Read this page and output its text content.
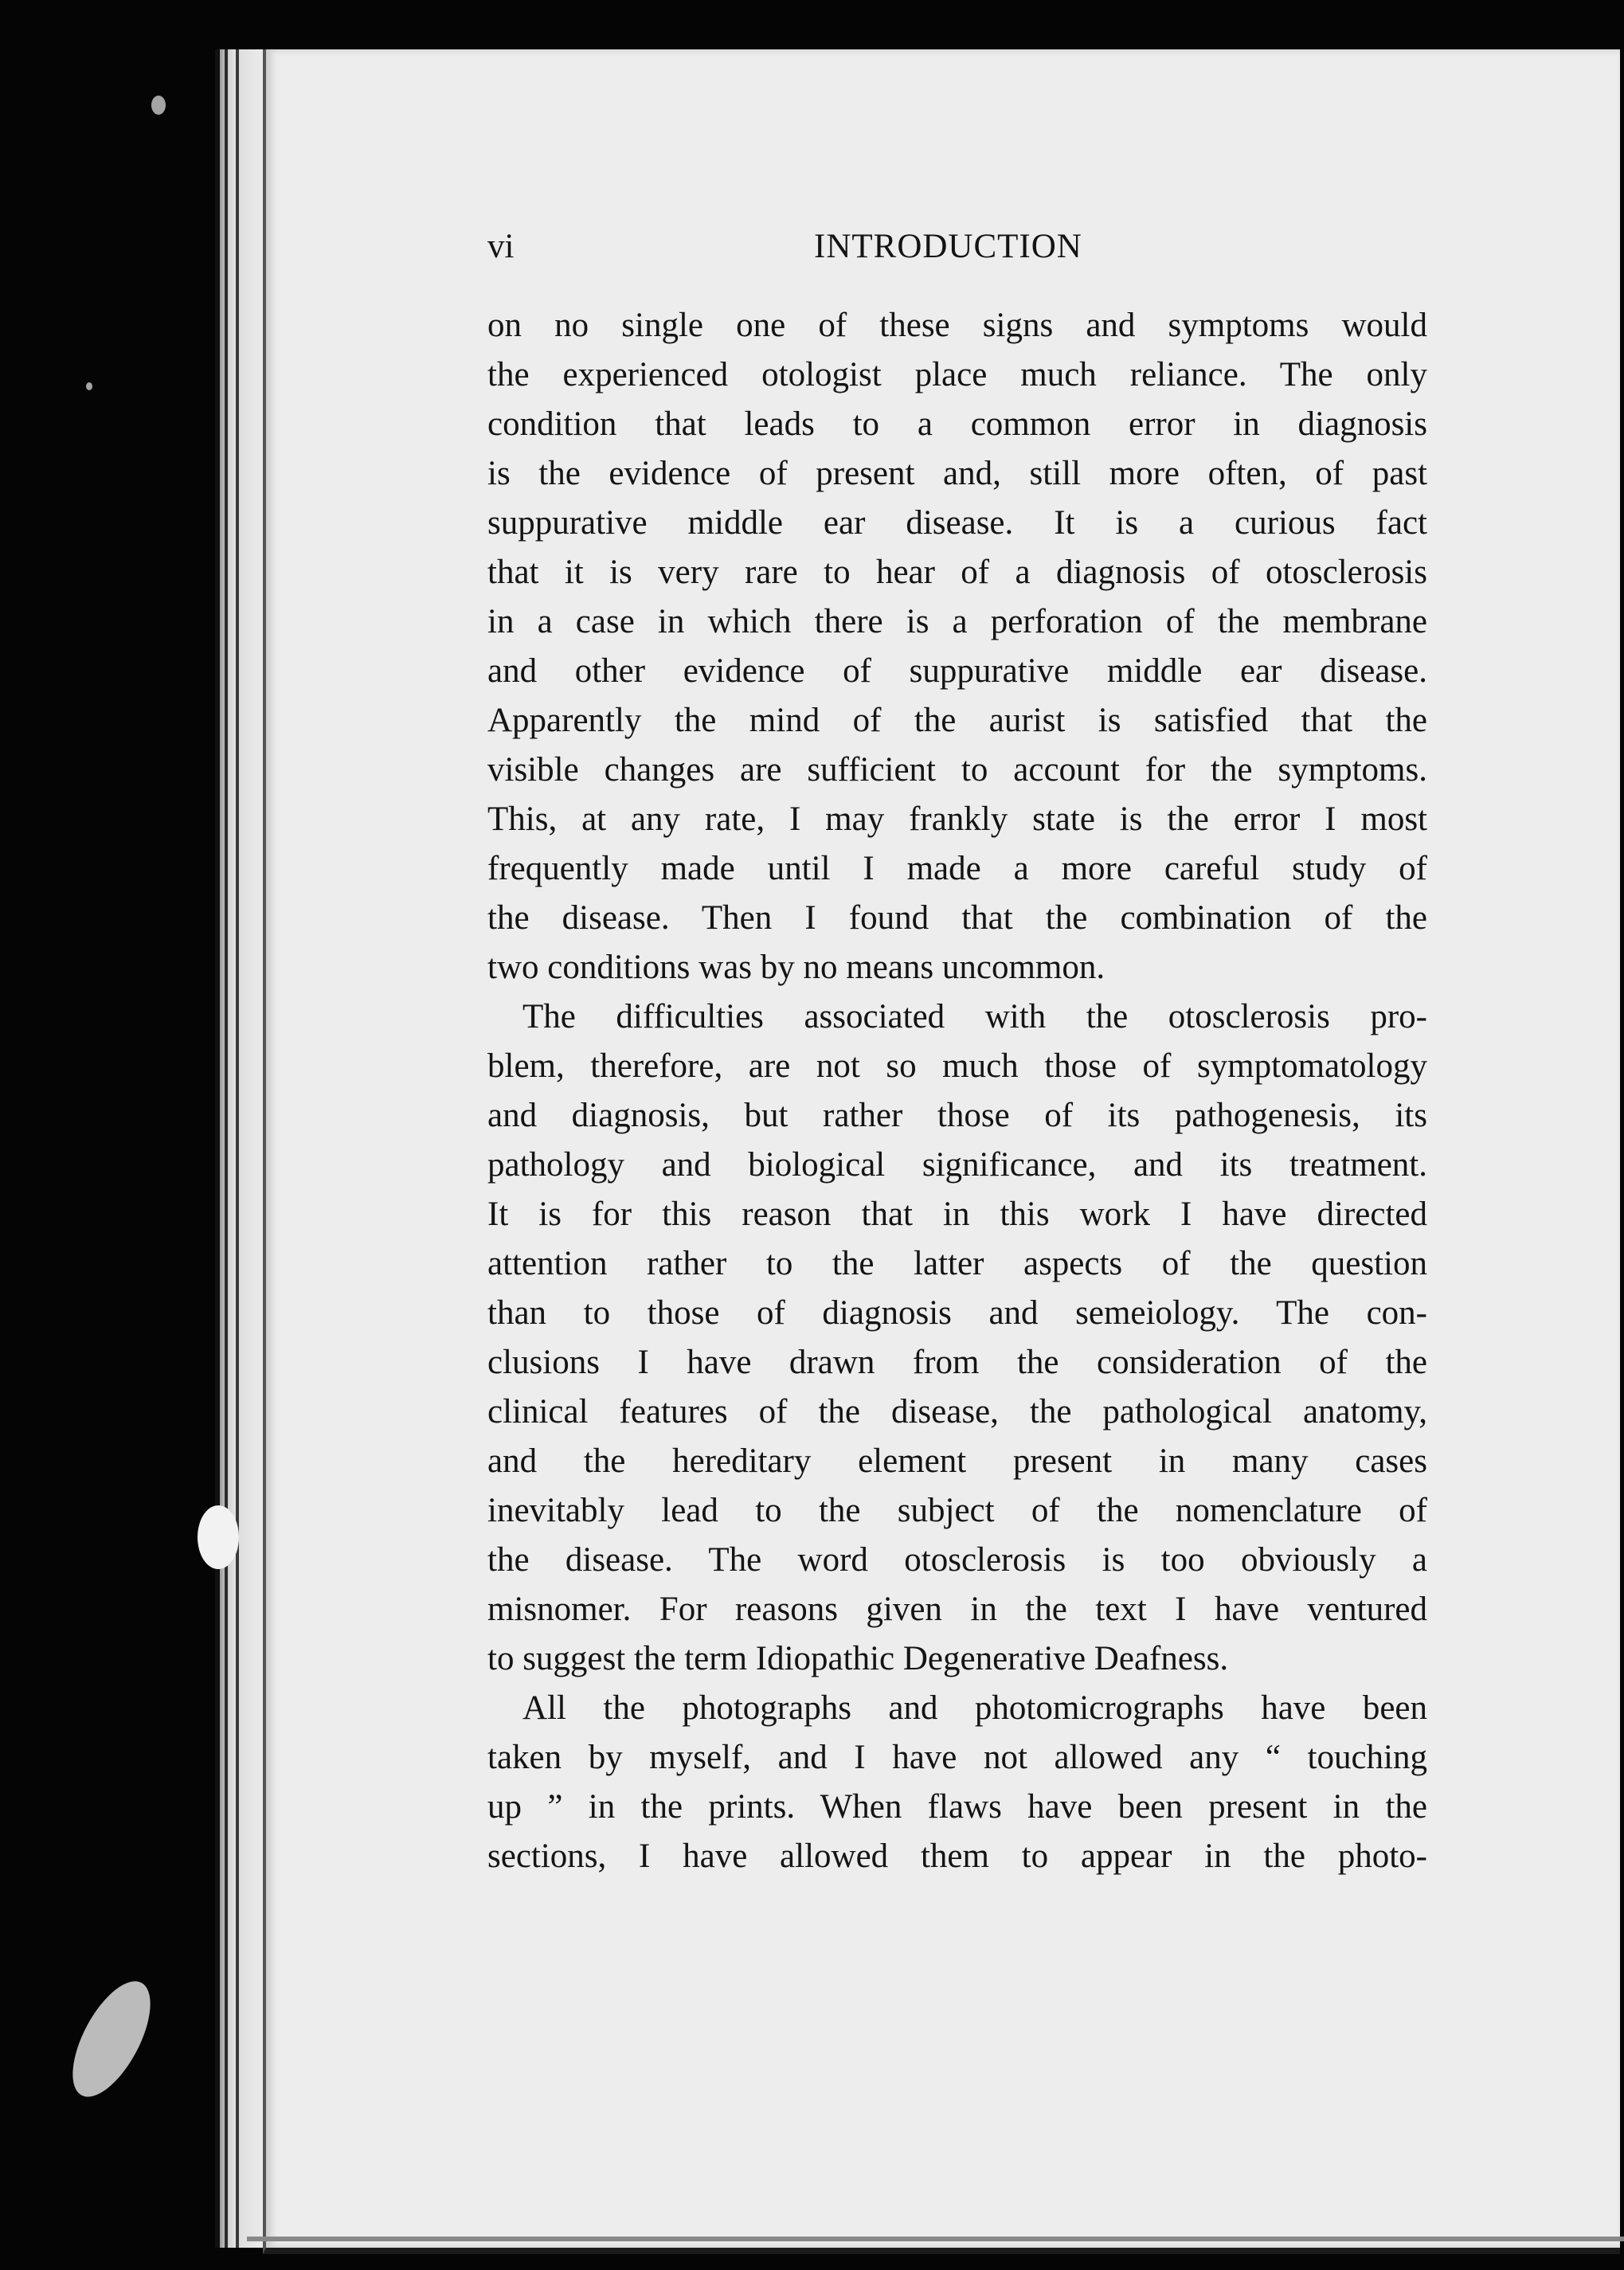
vi	INTRODUCTION
on no single one of these signs and symptoms would
the experienced otologist place much reliance. The only
condition that leads to a common error in diagnosis
is the evidence of present and, still more often, of past
suppurative middle ear disease. It is a curious fact
that it is very rare to hear of a diagnosis of otosclerosis
in a case in which there is a perforation of the membrane
and other evidence of suppurative middle ear disease.
Apparently the mind of the aurist is satisfied that the
visible changes are sufficient to account for the symptoms.
This, at any rate, I may frankly state is the error I most
frequently made until I made a more careful study of
the disease. Then I found that the combination of the
two conditions was by no means uncommon.
The difficulties associated with the otosclerosis pro-
blem, therefore, are not so much those of symptomatology
and diagnosis, but rather those of its pathogenesis, its
pathology and biological significance, and its treatment.
It is for this reason that in this work I have directed
attention rather to the latter aspects of the question
than to those of diagnosis and semeiology. The con-
clusions I have drawn from the consideration of the
clinical features of the disease, the pathological anatomy,
and the hereditary element present in many cases
inevitably lead to the subject of the nomenclature of
the disease. The word otosclerosis is too obviously a
misnomer. For reasons given in the text I have ventured
to suggest the term Idiopathic Degenerative Deafness.
All the photographs and photomicrographs have been
taken by myself, and I have not allowed any “ touching
up ” in the prints. When flaws have been present in the
sections, I have allowed them to appear in the photo-
